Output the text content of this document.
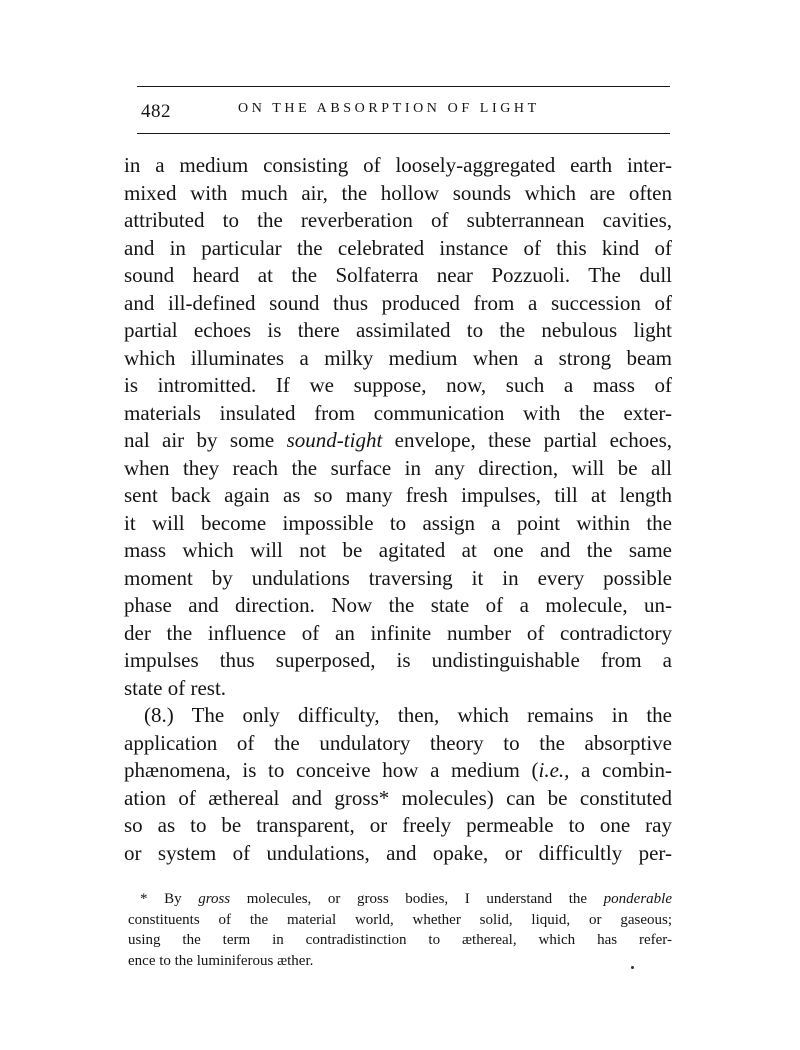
482	ON THE ABSORPTION OF LIGHT
in a medium consisting of loosely-aggregated earth inter-
mixed with much air, the hollow sounds which are often
attributed to the reverberation of subterrannean cavities,
and in particular the celebrated instance of this kind of
sound heard at the Solfaterra near Pozzuoli. The dull
and ill-defined sound thus produced from a succession of
partial echoes is there assimilated to the nebulous light
which illuminates a milky medium when a strong beam
is intromitted. If we suppose, now, such a mass of
materials insulated from communication with the exter-
nal air by some sound-tight envelope, these partial echoes,
when they reach the surface in any direction, will be all
sent back again as so many fresh impulses, till at length
it will become impossible to assign a point within the
mass which will not be agitated at one and the same
moment by undulations traversing it in every possible
phase and direction. Now the state of a molecule, un-
der the influence of an infinite number of contradictory
impulses thus superposed, is undistinguishable from a
state of rest.
(8.) The only difficulty, then, which remains in the
application of the undulatory theory to the absorptive
phænomena, is to conceive how a medium (i.e., a combin-
ation of æthereal and gross* molecules) can be constituted
so as to be transparent, or freely permeable to one ray
or system of undulations, and opake, or difficultly per-
* By gross molecules, or gross bodies, I understand the ponderable
constituents of the material world, whether solid, liquid, or gaseous;
using the term in contradistinction to æthereal, which has refer-
ence to the luminiferous æther.
